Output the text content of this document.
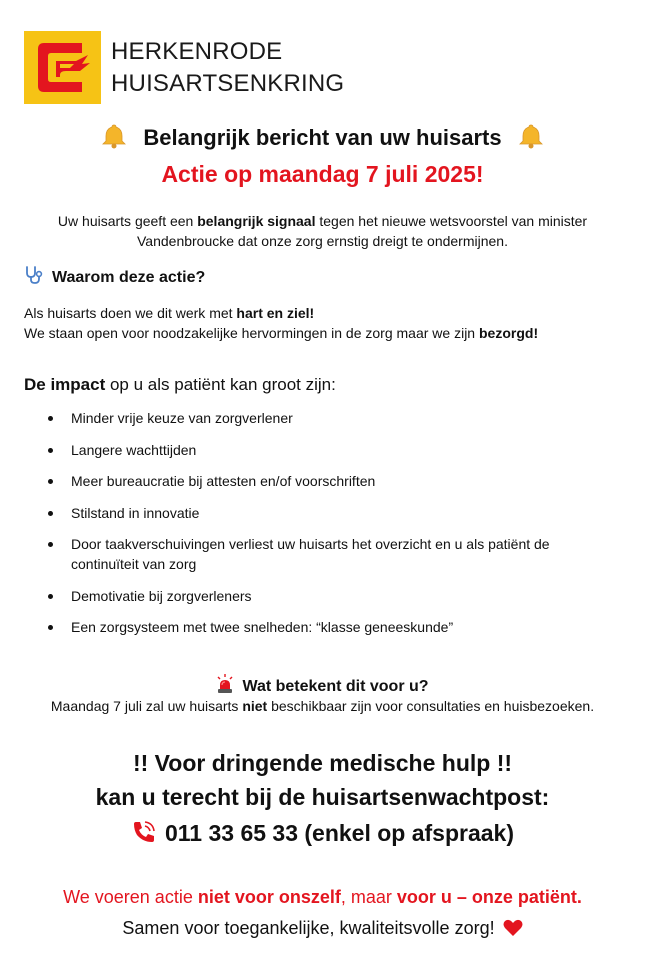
HERKENRODE
HUISARTSENKRING
Belangrijk bericht van uw huisarts
Actie op maandag 7 juli 2025!
Uw huisarts geeft een belangrijk signaal tegen het nieuwe wetsvoorstel van minister Vandenbroucke dat onze zorg ernstig dreigt te ondermijnen.
Waarom deze actie?
Als huisarts doen we dit werk met hart en ziel!
We staan open voor noodzakelijke hervormingen in de zorg maar we zijn bezorgd!
De impact op u als patiënt kan groot zijn:
Minder vrije keuze van zorgverlener
Langere wachttijden
Meer bureaucratie bij attesten en/of voorschriften
Stilstand in innovatie
Door taakverschuivingen verliest uw huisarts het overzicht en u als patiënt de continuïteit van zorg
Demotivatie bij zorgverleners
Een zorgsysteem met twee snelheden: “klasse geneeskunde”
Wat betekent dit voor u?
Maandag 7 juli zal uw huisarts niet beschikbaar zijn voor consultaties en huisbezoeken.
!! Voor dringende medische hulp !!
kan u terecht bij de huisartsenwachtpost:
011 33 65 33 (enkel op afspraak)
We voeren actie niet voor onszelf, maar voor u – onze patiënt.
Samen voor toegankelijke, kwaliteitsvolle zorg!
